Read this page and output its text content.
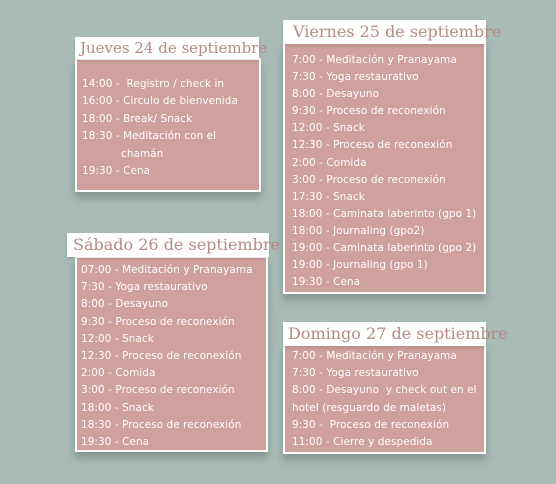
Jueves 24 de septiembre
14:00 -  Registro / check in
16:00 - Circulo de bienvenida
18:00 - Break/ Snack
18:30 - Meditación con el
chamán
19:30 - Cena
Viernes 25 de septiembre
7:00 - Meditación y Pranayama
7:30 - Yoga restaurativo
8:00 - Desayuno
9:30 - Proceso de reconexión
12:00 - Snack
12:30 - Proceso de reconexión
2:00 - Comida
3:00 - Proceso de reconexión
17:30 - Snack
18:00 - Caminata laberinto (gpo 1)
18:00 - Journaling (gpo2)
19:00 - Caminata laberinto (gpo 2)
19:00 - Journaling (gpo 1)
19:30 - Cena
Sábado 26 de septiembre
07:00 - Meditación y Pranayama
7:30 - Yoga restaurativo
8:00 - Desayuno
9:30 - Proceso de reconexión
12:00 - Snack
12:30 - Proceso de reconexión
2:00 - Comida
3:00 - Proceso de reconexión
18:00 - Snack
18:30 - Proceso de reconexión
19:30 - Cena
Domingo 27 de septiembre
7:00 - Meditación y Pranayama
7:30 - Yoga restaurativo
8:00 - Desayuno  y check out en el
hotel (resguardo de maletas)
9:30 -  Proceso de reconexión
11:00 - Cierre y despedida
